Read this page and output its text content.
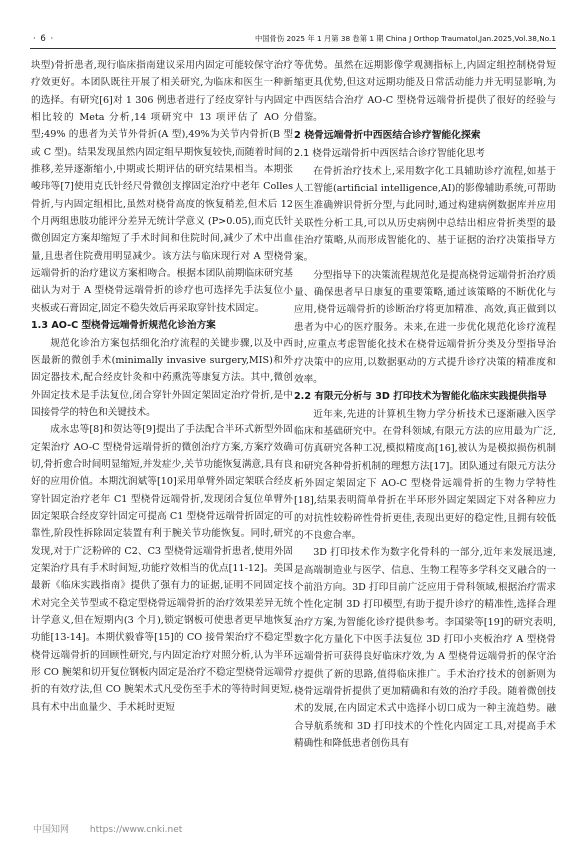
· 6 ·	中国骨伤 2025 年 1 月第 38 卷第 1 期 China J Orthop Traumatol,Jan.2025,Vol.38,No.1

块型)骨折患者,现行临床指南建议采用内固定可能较保守治疗疗效更好。本团队既往开展了相关研究,为临床和医生一种新的选择。有研究[6]对 1 306 例患者进行了经皮穿针与内固定相比较的 Meta 分析,14 项研究中 13 项评估了 AO 分型;49% 的患者为关节外骨折(A 型),49%为关节内骨折(B 型或 C 型)。结果发现虽然内固定组早期恢复较快,而随着时间的推移,差异逐渐缩小,中期或长期评估的研究结果相当。本期张峻玮等[7]使用克氏针经尺骨微创支撑固定治疗中老年 Colles 骨折,与内固定组相比,虽然对桡骨高度的恢复稍差,但术后 12 个月两组患肢功能评分差异无统计学意义 (P>0.05),而克氏针微创固定方案却缩短了手术时间和住院时间,减少了术中出血量,且患者住院费用明显减少。该方法与临床现行对 A 型桡骨远端骨折的治疗建议方案相吻合。根据本团队前期临床研究基础认为对于 A 型桡骨远端骨折的诊疗也可选择先手法复位小夹板或石膏固定,固定不稳失效后再采取穿针技术固定。

1.3 AO-C 型桡骨远端骨折规范化诊治方案

规范化诊治方案包括细化治疗流程的关键步骤,以及中西医最新的微创手术(minimally invasive surgery,MIS)和外固定器技术,配合经皮针灸和中药熏洗等康复方法。其中,微创外固定技术是手法复位,闭合穿针外固定架固定治疗骨折,是中国接骨学的特色和关键技术。

成永忠等[8]和贺达等[9]提出了手法配合半环式新型外固定架治疗 AO-C 型桡骨远端骨折的微创治疗方案,方案疗效确切,骨折愈合时间明显缩短,并发症少,关节功能恢复满意,具有良好的应用价值。本期沈润斌等[10]采用单臂外固定架联合经皮穿针固定治疗老年 C1 型桡骨远端骨折,发现闭合复位单臂外固定架联合经皮穿针固定可提高 C1 型桡骨远端骨折固定的可靠性,阶段性拆除固定装置有利于腕关节功能恢复。同时,研究发现,对于广泛粉碎的 C2、C3 型桡骨远端骨折患者,使用外固定架治疗具有手术时间短,功能疗效相当的优点[11-12]。美国最新《临床实践指南》提供了强有力的证据,证明不同固定技术对完全关节型或不稳定型桡骨远端骨折的治疗效果差异无统计学意义,但在短期内(3 个月),锁定钢板可使患者更早地恢复功能[13-14]。本期伏毅睿等[15]的 CO 接骨架治疗不稳定型桡骨远端骨折的回顾性研究,与内固定治疗对照分析,认为半环形 CO 腕架和切开复位钢板内固定是治疗不稳定型桡骨远端骨折的有效疗法,但 CO 腕架术式凡受伤至手术的等待时间更短,具有术中出血量少、手术耗时更短

等优势。虽然在远期影像学观测指标上,内固定组控制桡骨短缩更具优势,但这对远期功能及日常活动能力并无明显影响,为中西医结合治疗 AO-C 型桡骨远端骨折提供了很好的经验与借鉴。

2 桡骨远端骨折中西医结合诊疗智能化探索
2.1 桡骨远端骨折中西医结合诊疗智能化思考

在骨折治疗技术上,采用数字化工具辅助诊疗流程,如基于人工智能(artificial intelligence,AI)的影像辅助系统,可帮助医生准确辨识骨折分型,与此同时,通过构建病例数据库并应用关联性分析工具,可以从历史病例中总结出相应骨折类型的最佳治疗策略,从而形成智能化的、基于证据的治疗决策指导方案。

分型指导下的决策流程规范化是提高桡骨远端骨折治疗质量、确保患者早日康复的重要策略,通过该策略的不断优化与应用,桡骨远端骨折的诊断治疗将更加精准、高效,真正做到以患者为中心的医疗服务。未来,在进一步优化规范化诊疗流程时,应重点考虑智能化技术在桡骨远端骨折分类及分型指导治疗决策中的应用,以数据驱动的方式提升诊疗决策的精准度和效率。

2.2 有限元分析与 3D 打印技术为智能化临床实践提供指导

近年来,先进的计算机生物力学分析技术已逐渐融入医学临床和基础研究中。在骨科领域,有限元方法的应用最为广泛,可仿真研究各种工况,模拟精度高[16],被认为是模拟损伤机制和研究各种骨折机制的理想方法[17]。团队通过有限元方法分析外固定架固定下 AO-C 型桡骨远端骨折的生物力学特性[18],结果表明简单骨折在半环形外固定架固定下对各种应力的对抗性较粉碎性骨折更佳,表现出更好的稳定性,且拥有较低的不良愈合率。

3D 打印技术作为数字化骨科的一部分,近年来发展迅速,是高端制造业与医学、信息、生物工程等多学科交叉融合的一个前沿方向。3D 打印目前广泛应用于骨科领域,根据治疗需求个性化定制 3D 打印模型,有助于提升诊疗的精准性,选择合理治疗方案,为智能化诊疗提供参考。李国梁等[19]的研究表明,数字化方量化下中医手法复位 3D 打印小夹板治疗 A 型桡骨远端骨折可获得良好临床疗效,为 A 型桡骨远端骨折的保守治疗提供了新的思路,值得临床推广。手术治疗技术的创新则为桡骨远端骨折提供了更加精确和有效的治疗手段。随着微创技术的发展,在内固定术式中选择小切口成为一种主流趋势。融合导航系统和 3D 打印技术的个性化内固定工具,对提高手术精确性和降低患者创伤具有

中国知网 https://www.cnki.net
